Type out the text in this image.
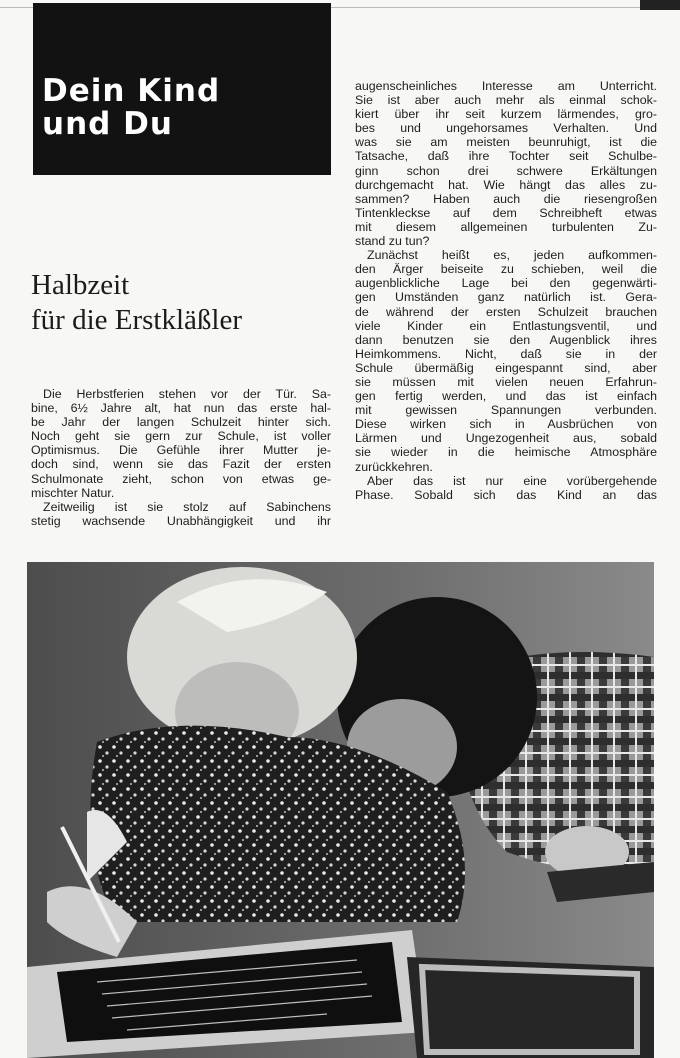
Dein Kind
und Du
Halbzeit
für die Erstkläßler

Die Herbstferien stehen vor der Tür. Sa-

bine, 6½ Jahre alt, hat nun das erste hal-

be Jahr der langen Schulzeit hinter sich.

Noch geht sie gern zur Schule, ist voller

Optimismus. Die Gefühle ihrer Mutter je-

doch sind, wenn sie das Fazit der ersten

Schulmonate zieht, schon von etwas ge-

mischter Natur.

Zeitweilig ist sie stolz auf Sabinchens

stetig wachsende Unabhängigkeit und ihr

augenscheinliches Interesse am Unterricht.

Sie ist aber auch mehr als einmal schok-

kiert über ihr seit kurzem lärmendes, gro-

bes und ungehorsames Verhalten. Und

was sie am meisten beunruhigt, ist die

Tatsache, daß ihre Tochter seit Schulbe-

ginn schon drei schwere Erkältungen

durchgemacht hat. Wie hängt das alles zu-

sammen? Haben auch die riesengroßen

Tintenkleckse auf dem Schreibheft etwas

mit diesem allgemeinen turbulenten Zu-

stand zu tun?

Zunächst heißt es, jeden aufkommen-

den Ärger beiseite zu schieben, weil die

augenblickliche Lage bei den gegenwärti-

gen Umständen ganz natürlich ist. Gera-

de während der ersten Schulzeit brauchen

viele Kinder ein Entlastungsventil, und

dann benutzen sie den Augenblick ihres

Heimkommens. Nicht, daß sie in der

Schule übermäßig eingespannt sind, aber

sie müssen mit vielen neuen Erfahrun-

gen fertig werden, und das ist einfach

mit gewissen Spannungen verbunden.

Diese wirken sich in Ausbrüchen von

Lärmen und Ungezogenheit aus, sobald

sie wieder in die heimische Atmosphäre

zurückkehren.

Aber das ist nur eine vorübergehende

Phase. Sobald sich das Kind an das
